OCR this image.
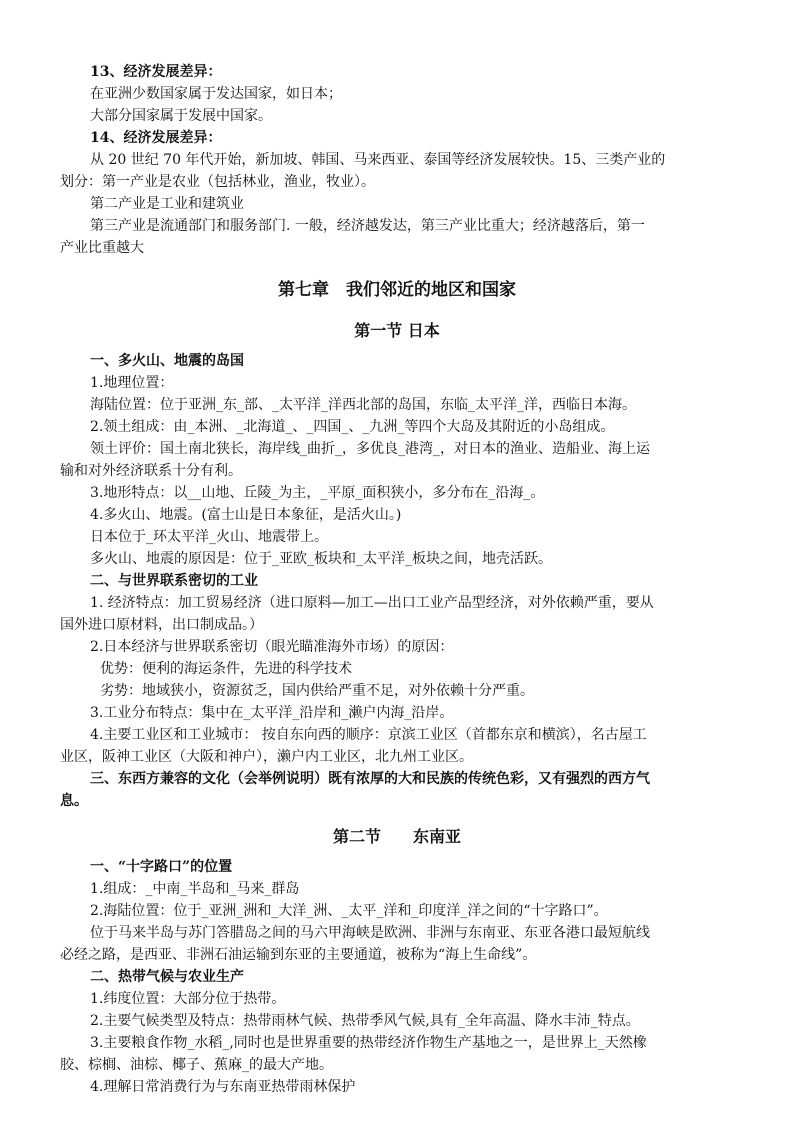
13、经济发展差异：
在亚洲少数国家属于发达国家，如日本；
大部分国家属于发展中国家。
14、经济发展差异：
从 20 世纪 70 年代开始，新加坡、韩国、马来西亚、泰国等经济发展较快。15、三类产业的
划分：第一产业是农业（包括林业，渔业，牧业）。
第二产业是工业和建筑业
第三产业是流通部门和服务部门. 一般，经济越发达，第三产业比重大；经济越落后，第一
产业比重越大
第七章　我们邻近的地区和国家
第一节 日本
一、多火山、地震的岛国
1.地理位置：
海陆位置：位于亚洲_东_部、_太平洋_洋西北部的岛国，东临_太平洋_洋，西临日本海。
2.领土组成：由_本洲、_北海道_、_四国_、_九洲_等四个大岛及其附近的小岛组成。
领土评价：国土南北狭长，海岸线_曲折_，多优良_港湾_，对日本的渔业、造船业、海上运
输和对外经济联系十分有利。
3.地形特点：以__山地、丘陵_为主，_平原_面积狭小，多分布在_沿海_。
4.多火山、地震。(富士山是日本象征，是活火山。)
日本位于_环太平洋_火山、地震带上。
多火山、地震的原因是：位于_亚欧_板块和_太平洋_板块之间，地壳活跃。
二、与世界联系密切的工业
1. 经济特点：加工贸易经济（进口原料—加工—出口工业产品型经济，对外依赖严重，要从
国外进口原材料，出口制成品。）
2.日本经济与世界联系密切（眼光瞄准海外市场）的原因：
优势：便利的海运条件，先进的科学技术
劣势：地域狭小，资源贫乏，国内供给严重不足，对外依赖十分严重。
3.工业分布特点：集中在_太平洋_沿岸和_濑户内海_沿岸。
4.主要工业区和工业城市： 按自东向西的顺序：京滨工业区（首都东京和横滨），名古屋工
业区，阪神工业区（大阪和神户），濑户内工业区，北九州工业区。
三、东西方兼容的文化（会举例说明）既有浓厚的大和民族的传统色彩，又有强烈的西方气
息。
第二节　　东南亚
一、“十字路口”的位置
1.组成：_中南_半岛和_马来_群岛
2.海陆位置：位于_亚洲_洲和_大洋_洲、_太平_洋和_印度洋_洋之间的“十字路口”。
位于马来半岛与苏门答腊岛之间的马六甲海峡是欧洲、非洲与东南亚、东亚各港口最短航线
必经之路，是西亚、非洲石油运输到东亚的主要通道，被称为“海上生命线”。
二、热带气候与农业生产
1.纬度位置：大部分位于热带。
2.主要气候类型及特点：热带雨林气候、热带季风气候,具有_全年高温、降水丰沛_特点。
3.主要粮食作物_水稻_,同时也是世界重要的热带经济作物生产基地之一，是世界上_天然橡
胶、棕榈、油棕、椰子、蕉麻_的最大产地。
4.理解日常消费行为与东南亚热带雨林保护
